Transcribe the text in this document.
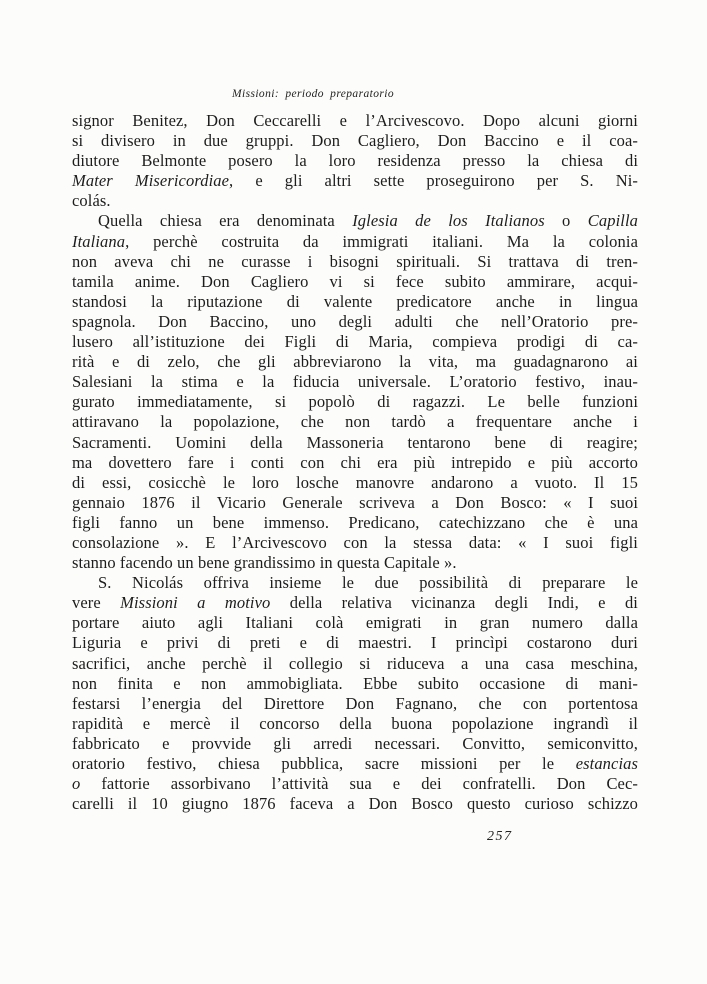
Missioni: periodo preparatorio
signor Benitez, Don Ceccarelli e l’Arcivescovo. Dopo alcuni giorni
si divisero in due gruppi. Don Cagliero, Don Baccino e il coa-
diutore Belmonte posero la loro residenza presso la chiesa di
Mater Misericordiae, e gli altri sette proseguirono per S. Ni-
colás.
Quella chiesa era denominata Iglesia de los Italianos o Capilla
Italiana, perchè costruita da immigrati italiani. Ma la colonia
non aveva chi ne curasse i bisogni spirituali. Si trattava di tren-
tamila anime. Don Cagliero vi si fece subito ammirare, acqui-
standosi la riputazione di valente predicatore anche in lingua
spagnola. Don Baccino, uno degli adulti che nell’Oratorio pre-
lusero all’istituzione dei Figli di Maria, compieva prodigi di ca-
rità e di zelo, che gli abbreviarono la vita, ma guadagnarono ai
Salesiani la stima e la fiducia universale. L’oratorio festivo, inau-
gurato immediatamente, si popolò di ragazzi. Le belle funzioni
attiravano la popolazione, che non tardò a frequentare anche i
Sacramenti. Uomini della Massoneria tentarono bene di reagire;
ma dovettero fare i conti con chi era più intrepido e più accorto
di essi, cosicchè le loro losche manovre andarono a vuoto. Il 15
gennaio 1876 il Vicario Generale scriveva a Don Bosco: « I suoi
figli fanno un bene immenso. Predicano, catechizzano che è una
consolazione ». E l’Arcivescovo con la stessa data: « I suoi figli
stanno facendo un bene grandissimo in questa Capitale ».
S. Nicolás offriva insieme le due possibilità di preparare le
vere Missioni a motivo della relativa vicinanza degli Indi, e di
portare aiuto agli Italiani colà emigrati in gran numero dalla
Liguria e privi di preti e di maestri. I princìpi costarono duri
sacrifici, anche perchè il collegio si riduceva a una casa meschina,
non finita e non ammobigliata. Ebbe subito occasione di mani-
festarsi l’energia del Direttore Don Fagnano, che con portentosa
rapidità e mercè il concorso della buona popolazione ingrandì il
fabbricato e provvide gli arredi necessari. Convitto, semiconvitto,
oratorio festivo, chiesa pubblica, sacre missioni per le estancias
o fattorie assorbivano l’attività sua e dei confratelli. Don Cec-
carelli il 10 giugno 1876 faceva a Don Bosco questo curioso schizzo
257
